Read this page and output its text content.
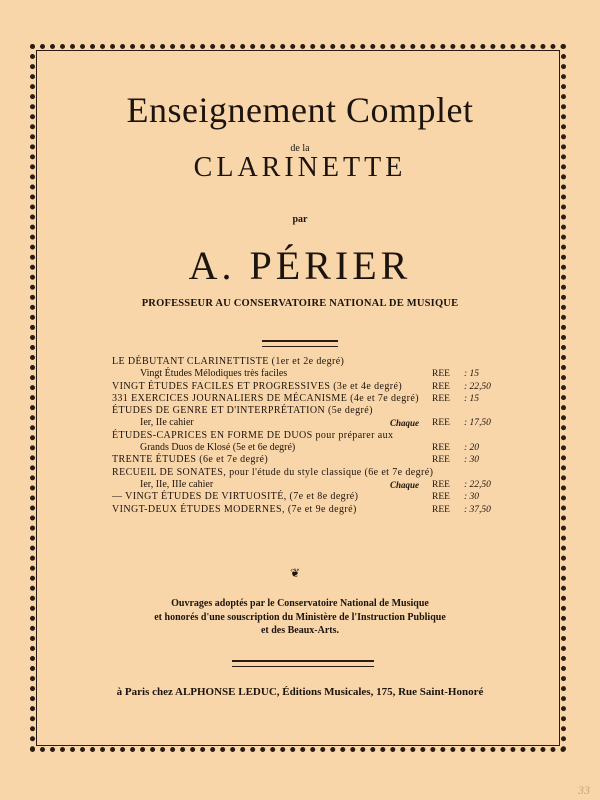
Enseignement Complet
de la
CLARINETTE
par
A. PÉRIER
PROFESSEUR AU CONSERVATOIRE NATIONAL DE MUSIQUE
LE DÉBUTANT CLARINETTISTE (1er et 2e degré)
Vingt Études Mélodiques très faciles	REE : 15
VINGT ÉTUDES FACILES ET PROGRESSIVES (3e et 4e degré)	REE : 22,50
331 EXERCICES JOURNALIERS DE MÉCANISME (4e et 7e degré) REE : 15
ÉTUDES DE GENRE ET D'INTERPRÉTATION (5e degré)
Ier, IIe cahier	Chaque REE : 17,50
ÉTUDES-CAPRICES EN FORME DE DUOS pour préparer aux
Grands Duos de Klosé (5e et 6e degré)	REE : 20
TRENTE ÉTUDES (6e et 7e degré)	REE : 30
RECUEIL DE SONATES, pour l'étude du style classique (6e et 7e degré)
Ier, IIe, IIIe cahier	Chaque REE : 22,50
— VINGT ÉTUDES DE VIRTUOSITÉ, (7e et 8e degré)	REE : 30
VINGT-DEUX ÉTUDES MODERNES, (7e et 9e degré)	REE : 37,50
❦
Ouvrages adoptés par le Conservatoire National de Musique
et honorés d'une souscription du Ministère de l'Instruction Publique
et des Beaux-Arts.
à Paris chez ALPHONSE LEDUC, Éditions Musicales, 175, Rue Saint-Honoré
33
